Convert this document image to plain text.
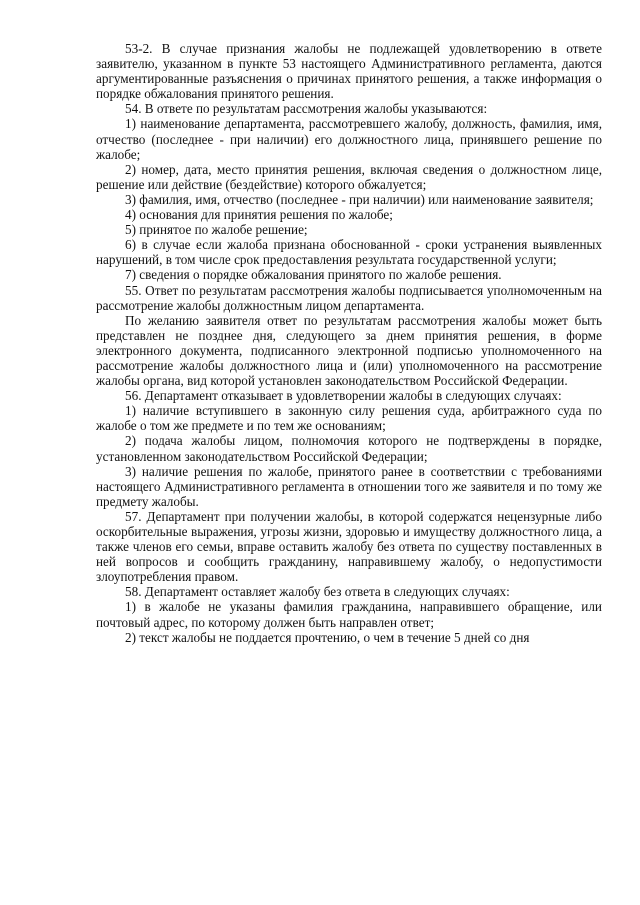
53-2. В случае признания жалобы не подлежащей удовлетворению в ответе заявителю, указанном в пункте 53 настоящего Административного регламента, даются аргументированные разъяснения о причинах принятого решения, а также информация о порядке обжалования принятого решения.

54. В ответе по результатам рассмотрения жалобы указываются:

1) наименование департамента, рассмотревшего жалобу, должность, фамилия, имя, отчество (последнее - при наличии) его должностного лица, принявшего решение по жалобе;

2) номер, дата, место принятия решения, включая сведения о должностном лице, решение или действие (бездействие) которого обжалуется;

3) фамилия, имя, отчество (последнее - при наличии) или наименование заявителя;

4) основания для принятия решения по жалобе;

5) принятое по жалобе решение;

6) в случае если жалоба признана обоснованной - сроки устранения выявленных нарушений, в том числе срок предоставления результата государственной услуги;

7) сведения о порядке обжалования принятого по жалобе решения.

55. Ответ по результатам рассмотрения жалобы подписывается уполномоченным на рассмотрение жалобы должностным лицом департамента.

По желанию заявителя ответ по результатам рассмотрения жалобы может быть представлен не позднее дня, следующего за днем принятия решения, в форме электронного документа, подписанного электронной подписью уполномоченного на рассмотрение жалобы должностного лица и (или) уполномоченного на рассмотрение жалобы органа, вид которой установлен законодательством Российской Федерации.

56. Департамент отказывает в удовлетворении жалобы в следующих случаях:

1) наличие вступившего в законную силу решения суда, арбитражного суда по жалобе о том же предмете и по тем же основаниям;

2) подача жалобы лицом, полномочия которого не подтверждены в порядке, установленном законодательством Российской Федерации;

3) наличие решения по жалобе, принятого ранее в соответствии с требованиями настоящего Административного регламента в отношении того же заявителя и по тому же предмету жалобы.

57. Департамент при получении жалобы, в которой содержатся нецензурные либо оскорбительные выражения, угрозы жизни, здоровью и имуществу должностного лица, а также членов его семьи, вправе оставить жалобу без ответа по существу поставленных в ней вопросов и сообщить гражданину, направившему жалобу, о недопустимости злоупотребления правом.

58. Департамент оставляет жалобу без ответа в следующих случаях:

1) в жалобе не указаны фамилия гражданина, направившего обращение, или почтовый адрес, по которому должен быть направлен ответ;

2) текст жалобы не поддается прочтению, о чем в течение 5 дней со дня
